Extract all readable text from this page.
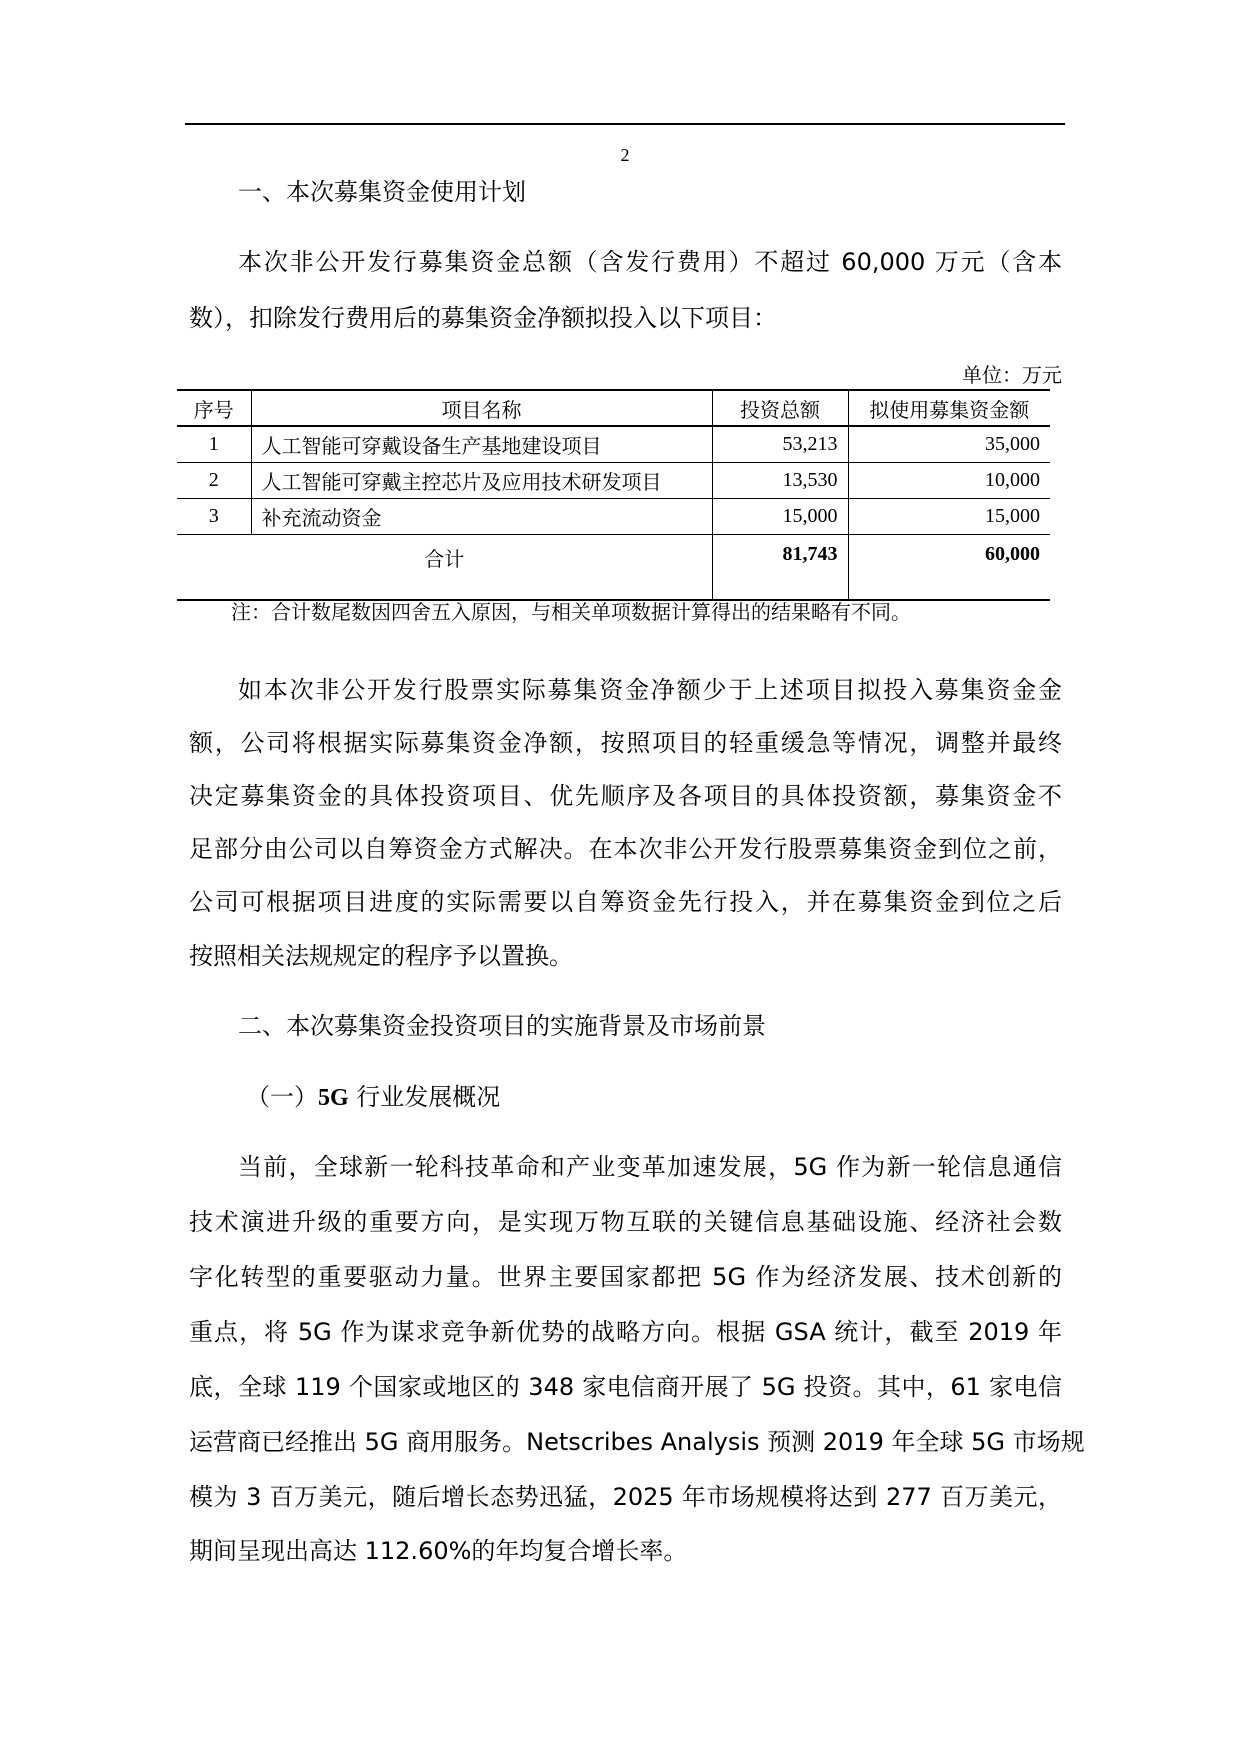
2
一、本次募集资金使用计划
本次非公开发行募集资金总额（含发行费用）不超过 60,000 万元（含本
数），扣除发行费用后的募集资金净额拟投入以下项目：
单位：万元
序号	项目名称	投资总额	拟使用募集资金额
1	人工智能可穿戴设备生产基地建设项目	53,213	35,000
2	人工智能可穿戴主控芯片及应用技术研发项目	13,530	10,000
3	补充流动资金	15,000	15,000
合计		81,743	60,000
注：合计数尾数因四舍五入原因，与相关单项数据计算得出的结果略有不同。
如本次非公开发行股票实际募集资金净额少于上述项目拟投入募集资金金
额，公司将根据实际募集资金净额，按照项目的轻重缓急等情况，调整并最终
决定募集资金的具体投资项目、优先顺序及各项目的具体投资额，募集资金不
足部分由公司以自筹资金方式解决。在本次非公开发行股票募集资金到位之前，
公司可根据项目进度的实际需要以自筹资金先行投入，并在募集资金到位之后
按照相关法规规定的程序予以置换。
二、本次募集资金投资项目的实施背景及市场前景
（一）5G 行业发展概况
当前，全球新一轮科技革命和产业变革加速发展，5G 作为新一轮信息通信
技术演进升级的重要方向，是实现万物互联的关键信息基础设施、经济社会数
字化转型的重要驱动力量。世界主要国家都把 5G 作为经济发展、技术创新的
重点，将 5G 作为谋求竞争新优势的战略方向。根据 GSA 统计，截至 2019 年
底，全球 119 个国家或地区的 348 家电信商开展了 5G 投资。其中，61 家电信
运营商已经推出 5G 商用服务。Netscribes Analysis 预测 2019 年全球 5G 市场规
模为 3 百万美元，随后增长态势迅猛，2025 年市场规模将达到 277 百万美元，
期间呈现出高达 112.60%的年均复合增长率。
